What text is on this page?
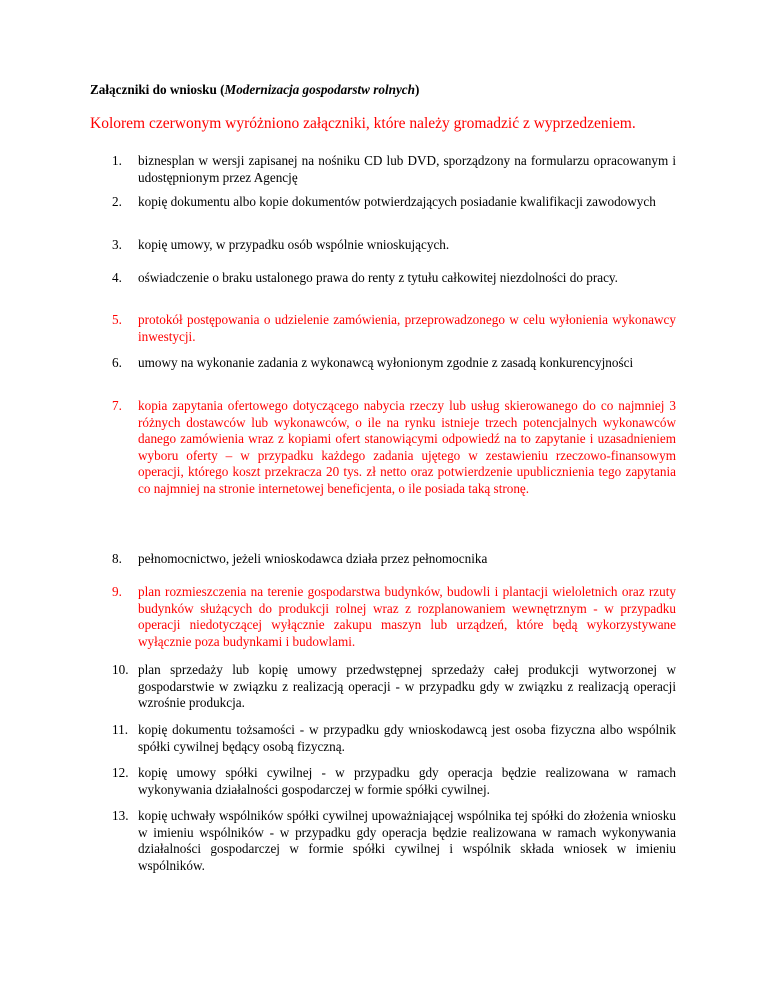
Załączniki do wniosku (Modernizacja gospodarstw rolnych)
Kolorem czerwonym wyróżniono załączniki, które należy gromadzić z wyprzedzeniem.
1.	biznesplan w wersji zapisanej na nośniku CD lub DVD, sporządzony na formularzu opracowanym i udostępnionym przez Agencję
2.	kopię dokumentu albo kopie dokumentów potwierdzających posiadanie kwalifikacji zawodowych
3.	kopię umowy, w przypadku osób wspólnie wnioskujących.
4.	oświadczenie o braku ustalonego prawa do renty z tytułu całkowitej niezdolności do pracy.
5.	protokół postępowania o udzielenie zamówienia, przeprowadzonego w celu wyłonienia wykonawcy inwestycji.
6.	umowy na wykonanie zadania z wykonawcą wyłonionym zgodnie z zasadą konkurencyjności
7.	kopia zapytania ofertowego dotyczącego nabycia rzeczy lub usług skierowanego do co najmniej 3 różnych dostawców lub wykonawców, o ile na rynku istnieje trzech potencjalnych wykonawców danego zamówienia wraz z kopiami ofert stanowiącymi odpowiedź na to zapytanie i uzasadnieniem wyboru oferty – w przypadku każdego zadania ujętego w zestawieniu rzeczowo-finansowym operacji, którego koszt przekracza 20 tys. zł netto oraz potwierdzenie upublicznienia tego zapytania co najmniej na stronie internetowej beneficjenta, o ile posiada taką stronę.
8.	pełnomocnictwo, jeżeli wnioskodawca działa przez pełnomocnika
9.	plan rozmieszczenia na terenie gospodarstwa budynków, budowli i plantacji wieloletnich oraz rzuty budynków służących do produkcji rolnej wraz z rozplanowaniem wewnętrznym - w przypadku operacji niedotyczącej wyłącznie zakupu maszyn lub urządzeń, które będą wykorzystywane wyłącznie poza budynkami i budowlami.
10. plan sprzedaży lub kopię umowy przedwstępnej sprzedaży całej produkcji wytworzonej w gospodarstwie w związku z realizacją operacji - w przypadku gdy w związku z realizacją operacji wzrośnie produkcja.
11. kopię dokumentu tożsamości - w przypadku gdy wnioskodawcą jest osoba fizyczna albo wspólnik spółki cywilnej będący osobą fizyczną.
12. kopię umowy spółki cywilnej - w przypadku gdy operacja będzie realizowana w ramach wykonywania działalności gospodarczej w formie spółki cywilnej.
13. kopię uchwały wspólników spółki cywilnej upoważniającej wspólnika tej spółki do złożenia wniosku w imieniu wspólników - w przypadku gdy operacja będzie realizowana w ramach wykonywania działalności gospodarczej w formie spółki cywilnej i wspólnik składa wniosek w imieniu wspólników.
